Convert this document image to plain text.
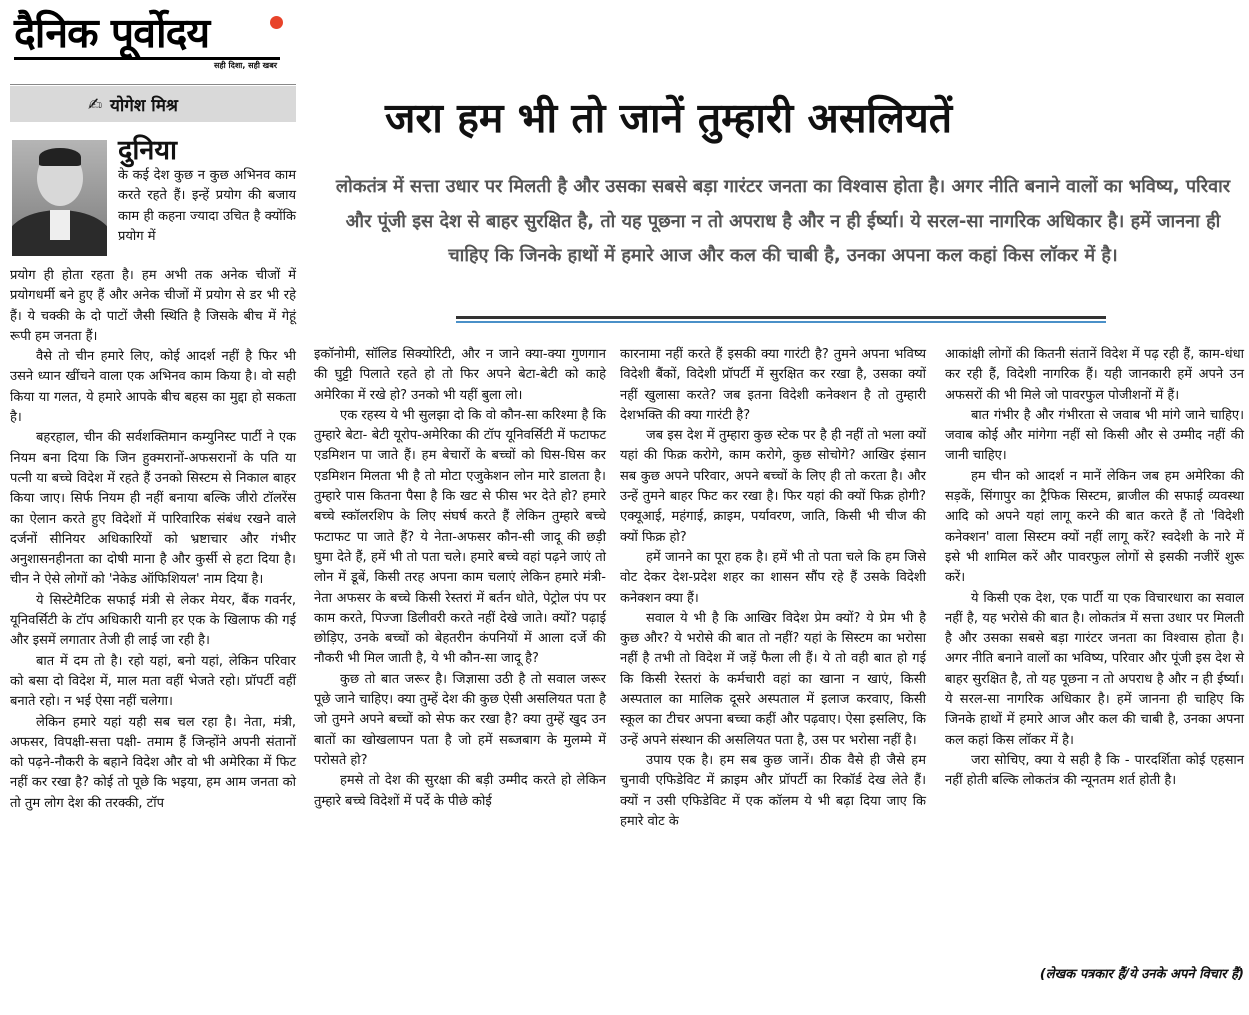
दैनिक पूर्वोदय
सही दिशा, सही खबर
✍ योगेश मिश्र
दुनिया

के कई देश कुछ न कुछ अभिनव काम करते रहते हैं। इन्हें प्रयोग की बजाय काम ही कहना ज्यादा उचित है क्योंकि प्रयोग में

प्रयोग ही होता रहता है। हम अभी तक अनेक चीजों में प्रयोगधर्मी बने हुए हैं और अनेक चीजों में प्रयोग से डर भी रहे हैं। ये चक्की के दो पाटों जैसी स्थिति है जिसके बीच में गेहूं रूपी हम जनता हैं।

वैसे तो चीन हमारे लिए, कोई आदर्श नहीं है फिर भी उसने ध्यान खींचने वाला एक अभिनव काम किया है। वो सही किया या गलत, ये हमारे आपके बीच बहस का मुद्दा हो सकता है।

बहरहाल, चीन की सर्वशक्तिमान कम्युनिस्ट पार्टी ने एक नियम बना दिया कि जिन हुक्मरानों-अफसरानों के पति या पत्नी या बच्चे विदेश में रहते हैं उनको सिस्टम से निकाल बाहर किया जाए। सिर्फ नियम ही नहीं बनाया बल्कि जीरो टॉलरेंस का ऐलान करते हुए विदेशों में पारिवारिक संबंध रखने वाले दर्जनों सीनियर अधिकारियों को भ्रष्टाचार और गंभीर अनुशासनहीनता का दोषी माना है और कुर्सी से हटा दिया है। चीन ने ऐसे लोगों को 'नेकेड ऑफिशियल' नाम दिया है।

ये सिस्टेमैटिक सफाई मंत्री से लेकर मेयर, बैंक गवर्नर, यूनिवर्सिटी के टॉप अधिकारी यानी हर एक के खिलाफ की गई और इसमें लगातार तेजी ही लाई जा रही है।

बात में दम तो है। रहो यहां, बनो यहां, लेकिन परिवार को बसा दो विदेश में, माल मता वहीं भेजते रहो। प्रॉपर्टी वहीं बनाते रहो। न भई ऐसा नहीं चलेगा।

लेकिन हमारे यहां यही सब चल रहा है। नेता, मंत्री, अफसर, विपक्षी-सत्ता पक्षी- तमाम हैं जिन्होंने अपनी संतानों को पढ़ने-नौकरी के बहाने विदेश और वो भी अमेरिका में फिट नहीं कर रखा है? कोई तो पूछे कि भइया, हम आम जनता को तो तुम लोग देश की तरक्की, टॉप

जरा हम भी तो जानें तुम्हारी असलियतें
लोकतंत्र में सत्ता उधार पर मिलती है और उसका सबसे बड़ा गारंटर जनता का विश्वास होता है। अगर नीति बनाने वालों का भविष्य, परिवार और पूंजी इस देश से बाहर सुरक्षित है, तो यह पूछना न तो अपराध है और न ही ईर्ष्या। ये सरल-सा नागरिक अधिकार है। हमें जानना ही चाहिए कि जिनके हाथों में हमारे आज और कल की चाबी है, उनका अपना कल कहां किस लॉकर में है।

इकॉनोमी, सॉलिड सिक्योरिटी, और न जाने क्या-क्या गुणगान की घुट्टी पिलाते रहते हो तो फिर अपने बेटा-बेटी को काहे अमेरिका में रखे हो? उनको भी यहीं बुला लो।

एक रहस्य ये भी सुलझा दो कि वो कौन-सा करिश्मा है कि तुम्हारे बेटा- बेटी यूरोप-अमेरिका की टॉप यूनिवर्सिटी में फटाफट एडमिशन पा जाते हैं। हम बेचारों के बच्चों को घिस-घिस कर एडमिशन मिलता भी है तो मोटा एजुकेशन लोन मारे डालता है। तुम्हारे पास कितना पैसा है कि खट से फीस भर देते हो? हमारे बच्चे स्कॉलरशिप के लिए संघर्ष करते हैं लेकिन तुम्हारे बच्चे फटाफट पा जाते हैं? ये नेता-अफसर कौन-सी जादू की छड़ी घुमा देते हैं, हमें भी तो पता चले। हमारे बच्चे वहां पढ़ने जाएं तो लोन में डूबें, किसी तरह अपना काम चलाएं लेकिन हमारे मंत्री-नेता अफसर के बच्चे किसी रेस्तरां में बर्तन धोते, पेट्रोल पंप पर काम करते, पिज्जा डिलीवरी करते नहीं देखे जाते। क्यों? पढ़ाई छोड़िए, उनके बच्चों को बेहतरीन कंपनियों में आला दर्जे की नौकरी भी मिल जाती है, ये भी कौन-सा जादू है?

कुछ तो बात जरूर है। जिज्ञासा उठी है तो सवाल जरूर पूछे जाने चाहिए। क्या तुम्हें देश की कुछ ऐसी असलियत पता है जो तुमने अपने बच्चों को सेफ कर रखा है? क्या तुम्हें खुद उन बातों का खोखलापन पता है जो हमें सब्जबाग के मुलम्मे में परोसते हो?

हमसे तो देश की सुरक्षा की बड़ी उम्मीद करते हो लेकिन तुम्हारे बच्चे विदेशों में पर्दे के पीछे कोई

कारनामा नहीं करते हैं इसकी क्या गारंटी है? तुमने अपना भविष्य विदेशी बैंकों, विदेशी प्रॉपर्टी में सुरक्षित कर रखा है, उसका क्यों नहीं खुलासा करते? जब इतना विदेशी कनेक्शन है तो तुम्हारी देशभक्ति की क्या गारंटी है?

जब इस देश में तुम्हारा कुछ स्टेक पर है ही नहीं तो भला क्यों यहां की फिक्र करोगे, काम करोगे, कुछ सोचोगे? आखिर इंसान सब कुछ अपने परिवार, अपने बच्चों के लिए ही तो करता है। और उन्हें तुमने बाहर फिट कर रखा है। फिर यहां की क्यों फिक्र होगी? एक्यूआई, महंगाई, क्राइम, पर्यावरण, जाति, किसी भी चीज की क्यों फिक्र हो?

हमें जानने का पूरा हक है। हमें भी तो पता चले कि हम जिसे वोट देकर देश-प्रदेश शहर का शासन सौंप रहे हैं उसके विदेशी कनेक्शन क्या हैं।

सवाल ये भी है कि आखिर विदेश प्रेम क्यों? ये प्रेम भी है कुछ और? ये भरोसे की बात तो नहीं? यहां के सिस्टम का भरोसा नहीं है तभी तो विदेश में जड़ें फैला ली हैं। ये तो वही बात हो गई कि किसी रेस्तरां के कर्मचारी वहां का खाना न खाएं, किसी अस्पताल का मालिक दूसरे अस्पताल में इलाज करवाए, किसी स्कूल का टीचर अपना बच्चा कहीं और पढ़वाए। ऐसा इसलिए, कि उन्हें अपने संस्थान की असलियत पता है, उस पर भरोसा नहीं है।

उपाय एक है। हम सब कुछ जानें। ठीक वैसे ही जैसे हम चुनावी एफिडेविट में क्राइम और प्रॉपर्टी का रिकॉर्ड देख लेते हैं। क्यों न उसी एफिडेविट में एक कॉलम ये भी बढ़ा दिया जाए कि हमारे वोट के

आकांक्षी लोगों की कितनी संतानें विदेश में पढ़ रही हैं, काम-धंधा कर रही हैं, विदेशी नागरिक हैं। यही जानकारी हमें अपने उन अफसरों की भी मिले जो पावरफुल पोजीशनों में हैं।

बात गंभीर है और गंभीरता से जवाब भी मांगे जाने चाहिए। जवाब कोई और मांगेगा नहीं सो किसी और से उम्मीद नहीं की जानी चाहिए।

हम चीन को आदर्श न मानें लेकिन जब हम अमेरिका की सड़कें, सिंगापुर का ट्रैफिक सिस्टम, ब्राजील की सफाई व्यवस्था आदि को अपने यहां लागू करने की बात करते हैं तो 'विदेशी कनेक्शन' वाला सिस्टम क्यों नहीं लागू करें? स्वदेशी के नारे में इसे भी शामिल करें और पावरफुल लोगों से इसकी नजीरें शुरू करें।

ये किसी एक देश, एक पार्टी या एक विचारधारा का सवाल नहीं है, यह भरोसे की बात है। लोकतंत्र में सत्ता उधार पर मिलती है और उसका सबसे बड़ा गारंटर जनता का विश्वास होता है। अगर नीति बनाने वालों का भविष्य, परिवार और पूंजी इस देश से बाहर सुरक्षित है, तो यह पूछना न तो अपराध है और न ही ईर्ष्या। ये सरल-सा नागरिक अधिकार है। हमें जानना ही चाहिए कि जिनके हाथों में हमारे आज और कल की चाबी है, उनका अपना कल कहां किस लॉकर में है।

जरा सोचिए, क्या ये सही है कि - पारदर्शिता कोई एहसान नहीं होती बल्कि लोकतंत्र की न्यूनतम शर्त होती है।

(लेखक पत्रकार हैं/ये उनके अपने विचार हैं)
